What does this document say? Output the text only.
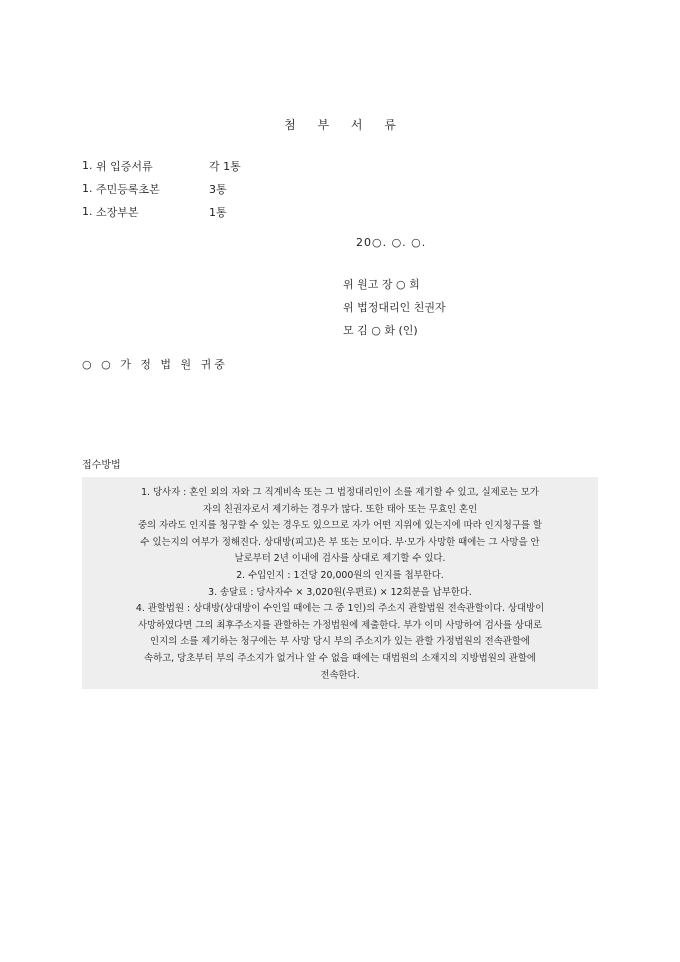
첨 부 서 류
1. 위 입증서류	각 1통
1. 주민등록초본	3통
1. 소장부본	1통
20○. ○. ○.
위 원고 장 ○ 희
위 법정대리인 친권자
모 김 ○ 화 (인)
○ ○ 가 정 법 원 귀중
접수방법

1. 당사자 : 혼인 외의 자와 그 직계비속 또는 그 법정대리인이 소를 제기할 수 있고, 실제로는 모가

자의 친권자로서 제기하는 경우가 많다. 또한 태아 또는 무효인 혼인

중의 자라도 인지를 청구할 수 있는 경우도 있으므로 자가 어떤 지위에 있는지에 따라 인지청구를 할

수 있는지의 여부가 정해진다. 상대방(피고)은 부 또는 모이다. 부·모가 사망한 때에는 그 사망을 안

날로부터 2년 이내에 검사를 상대로 제기할 수 있다.

2. 수입인지 : 1건당 20,000원의 인지를 첩부한다.

3. 송달료 : 당사자수 × 3,020원(우편료) × 12회분을 납부한다.

4. 관할법원 : 상대방(상대방이 수인일 때에는 그 중 1인)의 주소지 관할법원 전속관할이다. 상대방이

사망하였다면 그의 최후주소지를 관할하는 가정법원에 제출한다. 부가 이미 사망하여 검사를 상대로

인지의 소를 제기하는 청구에는 부 사망 당시 부의 주소지가 있는 관할 가정법원의 전속관할에

속하고, 당초부터 부의 주소지가 없거나 알 수 없을 때에는 대법원의 소재지의 지방법원의 관할에

전속한다.
